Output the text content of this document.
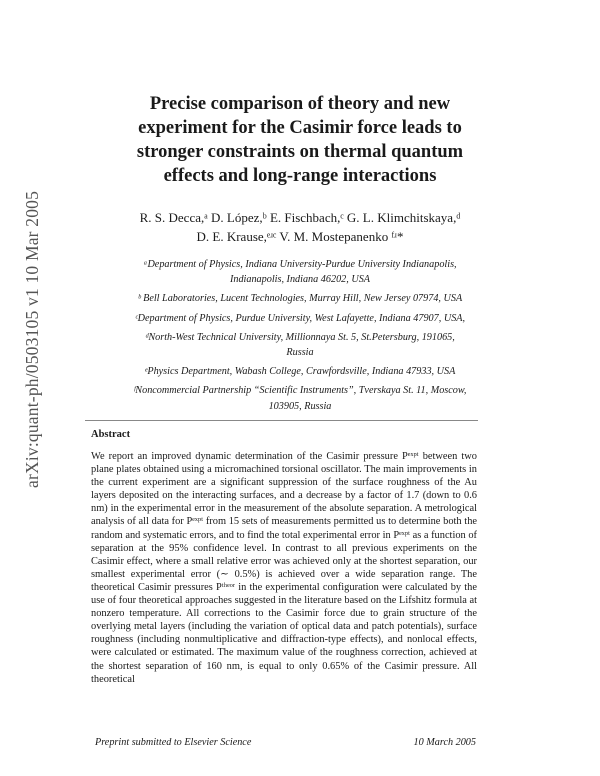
arXiv:quant-ph/0503105 v1 10 Mar 2005
Precise comparison of theory and new
experiment for the Casimir force leads to
stronger constraints on thermal quantum
effects and long-range interactions
R. S. Decca,ᵃ D. López,ᵇ E. Fischbach,ᶜ G. L. Klimchitskaya,ᵈ
D. E. Krause,ᵉʴᶜ V. M. Mostepanenko ᶠʴ*
ᵃDepartment of Physics, Indiana University-Purdue University Indianapolis,
Indianapolis, Indiana 46202, USA
ᵇ Bell Laboratories, Lucent Technologies, Murray Hill, New Jersey 07974, USA
ᶜDepartment of Physics, Purdue University, West Lafayette, Indiana 47907, USA,
ᵈNorth-West Technical University, Millionnaya St. 5, St.Petersburg, 191065,
Russia
ᵉPhysics Department, Wabash College, Crawfordsville, Indiana 47933, USA
ᶠNoncommercial Partnership “Scientific Instruments”, Tverskaya St. 11, Moscow,
103905, Russia
Abstract
We report an improved dynamic determination of the Casimir pressure Pᵉˣᵖᵗ between two plane plates obtained using a micromachined torsional oscillator. The main improvements in the current experiment are a significant suppression of the surface roughness of the Au layers deposited on the interacting surfaces, and a decrease by a factor of 1.7 (down to 0.6 nm) in the experimental error in the measurement of the absolute separation. A metrological analysis of all data for Pᵉˣᵖᵗ from 15 sets of measurements permitted us to determine both the random and systematic errors, and to find the total experimental error in Pᵉˣᵖᵗ as a function of separation at the 95% confidence level. In contrast to all previous experiments on the Casimir effect, where a small relative error was achieved only at the shortest separation, our smallest experimental error (∼ 0.5%) is achieved over a wide separation range. The theoretical Casimir pressures Pᵗʰᵉᵒʳ in the experimental configuration were calculated by the use of four theoretical approaches suggested in the literature based on the Lifshitz formula at nonzero temperature. All corrections to the Casimir force due to grain structure of the overlying metal layers (including the variation of optical data and patch potentials), surface roughness (including nonmultiplicative and diffraction-type effects), and nonlocal effects, were calculated or estimated. The maximum value of the roughness correction, achieved at the shortest separation of 160 nm, is equal to only 0.65% of the Casimir pressure. All theoretical
Preprint submitted to Elsevier Science	10 March 2005
